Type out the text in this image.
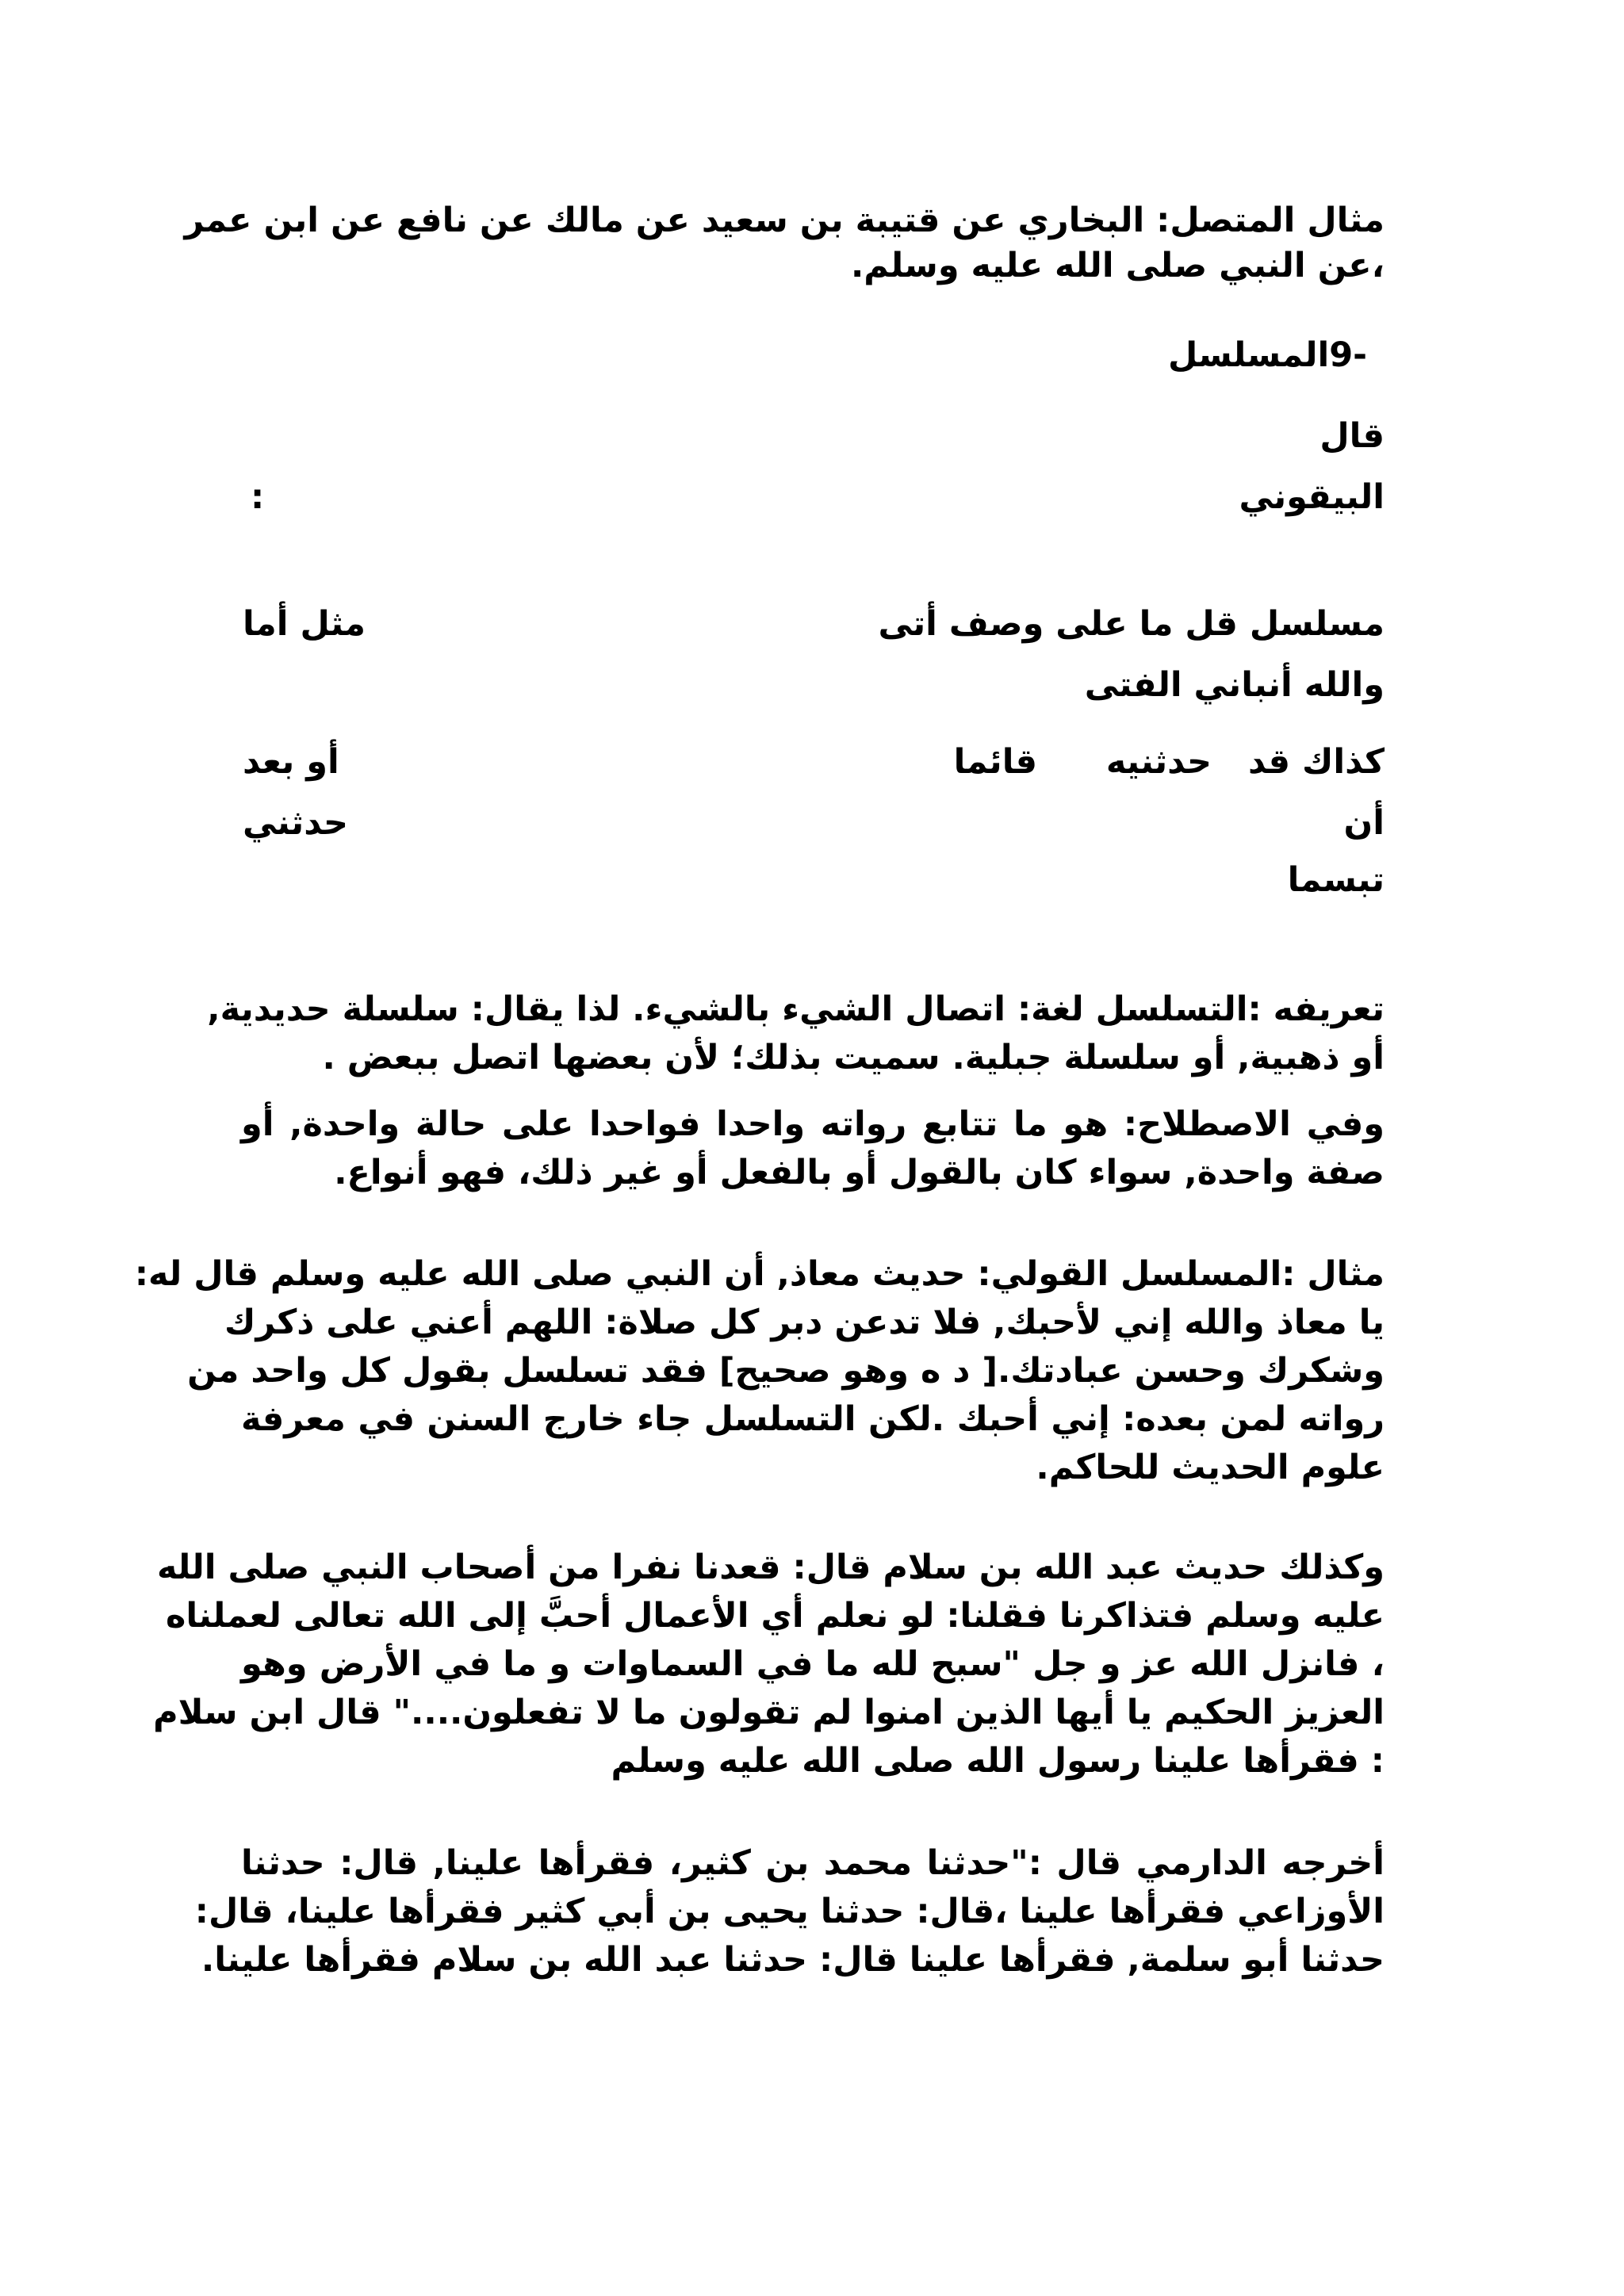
مثال المتصل: البخاري عن قتيبة بن سعيد عن مالك عن نافع عن ابن عمر
،عن النبي صلى الله عليه وسلم.
-9المسلسل
قال
البيقوني
:
مسلسل قل ما على وصف أتى
مثل أما
والله أنباني الفتى
كذاك قد
حدثنيه
قائما
أو بعد
أن
حدثني
تبسما
تعريفه :التسلسل لغة: اتصال الشيء بالشيء. لذا يقال: سلسلة حديدية,
أو ذهبية, أو سلسلة جبلية. سميت بذلك؛ لأن بعضها اتصل ببعض .
وفي الاصطلاح: هو ما تتابع رواته واحدا فواحدا على حالة واحدة, أو
صفة واحدة, سواء كان بالقول أو بالفعل أو غير ذلك، فهو أنواع.
مثال :المسلسل القولي: حديث معاذ, أن النبي صلى الله عليه وسلم قال له:
يا معاذ والله إني لأحبك, فلا تدعن دبر كل صلاة: اللهم أعني على ذكرك
وشكرك وحسن عبادتك.[ د ه وهو صحيح] فقد تسلسل بقول كل واحد من
رواته لمن بعده: إني أحبك .لكن التسلسل جاء خارج السنن في معرفة
علوم الحديث للحاكم.
وكذلك حديث عبد الله بن سلام قال: قعدنا نفرا من أصحاب النبي صلى الله
عليه وسلم فتذاكرنا فقلنا: لو نعلم أي الأعمال أحبَّ إلى الله تعالى لعملناه
، فانزل الله عز و جل "سبح لله ما في السماوات و ما في الأرض وهو
العزيز الحكيم يا أيها الذين امنوا لم تقولون ما لا تفعلون...." قال ابن سلام
: فقرأها علينا رسول الله صلى الله عليه وسلم
أخرجه الدارمي قال :"حدثنا محمد بن كثير، فقرأها علينا, قال: حدثنا
الأوزاعي فقرأها علينا ،قال: حدثنا يحيى بن أبي كثير فقرأها علينا، قال:
حدثنا أبو سلمة, فقرأها علينا قال: حدثنا عبد الله بن سلام فقرأها علينا.
